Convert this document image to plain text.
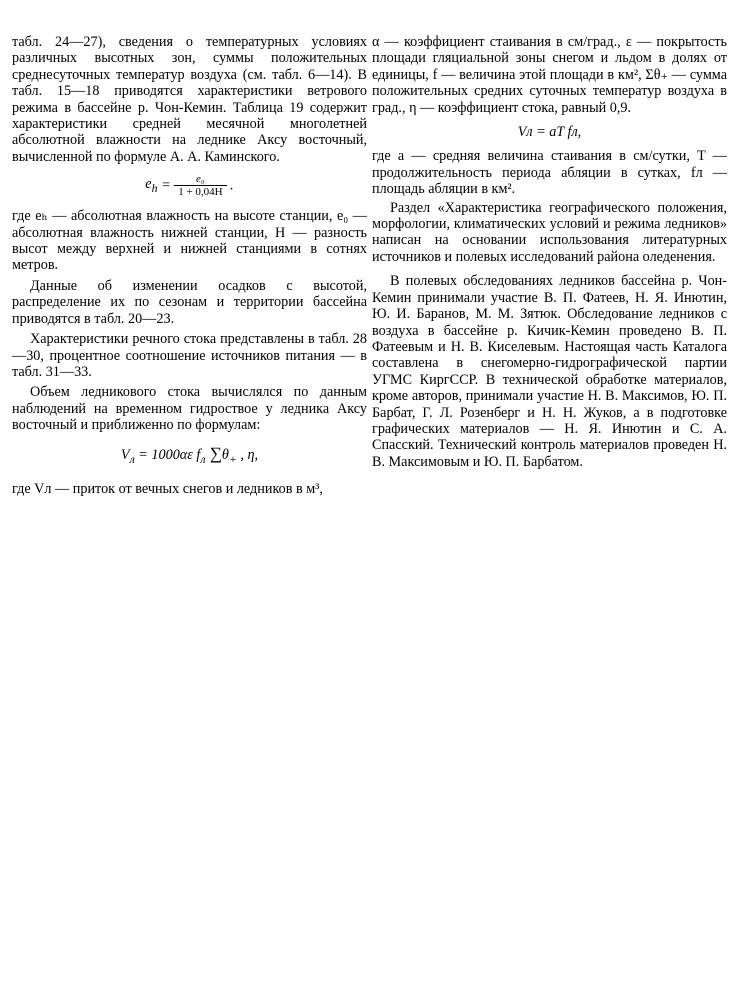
табл. 24—27), сведения о температурных условиях различных высотных зон, суммы положительных среднесуточных температур воздуха (см. табл. 6—14). В табл. 15—18 приводятся характеристики ветрового режима в бассейне р. Чон-Кемин. Таблица 19 содержит характеристики средней месячной многолетней абсолютной влажности на леднике Аксу восточный, вычисленной по формуле А. А. Каминского.

$e_h = \frac{\text{e₀}}{1 + 0,04H}$ .

где eₕ — абсолютная влажность на высоте станции, e₀ — абсолютная влажность нижней станции, H — разность высот между верхней и нижней станциями в сотнях метров.

Данные об изменении осадков с высотой, распределение их по сезонам и территории бассейна приводятся в табл. 20—23.

Характеристики речного стока представлены в табл. 28—30, процентное соотношение источников питания — в табл. 31—33.

Объем ледникового стока вычислялся по данным наблюдений на временном гидроствое у ледника Аксу восточный и приближенно по формулам:

$V_л = 1000\alpha\varepsilon$ $f_л$ $\sum\theta_+$ , η,

где Vл — приток от вечных снегов и ледников в м³,

α — коэффициент стаивания в см/град., ε — покрытость площади гляциальной зоны снегом и льдом в долях от единицы, f — величина этой площади в км², Σθ₊ — сумма положительных средних суточных температур воздуха в град., η — коэффициент стока, равный 0,9.

Vл = aT fл,

где a — средняя величина стаивания в см/сутки, T — продолжительность периода абляции в сутках, fл — площадь абляции в км².

Раздел «Характеристика географического положения, морфологии, климатических условий и режима ледников» написан на основании использования литературных источников и полевых исследований района оледенения.

В полевых обследованиях ледников бассейна р. Чон-Кемин принимали участие В. П. Фатеев, Н. Я. Инютин, Ю. И. Баранов, М. М. Зятюк. Обследование ледников с воздуха в бассейне р. Кичик-Кемин проведено В. П. Фатеевым и Н. В. Киселевым. Настоящая часть Каталога составлена в снегомерно-гидрографической партии УГМС КиргССР. В технической обработке материалов, кроме авторов, принимали участие Н. В. Максимов, Ю. П. Барбат, Г. Л. Розенберг и Н. Н. Жуков, а в подготовке графических материалов — Н. Я. Инютин и С. А. Спасский. Технический контроль материалов проведен Н. В. Максимовым и Ю. П. Барбатом.
